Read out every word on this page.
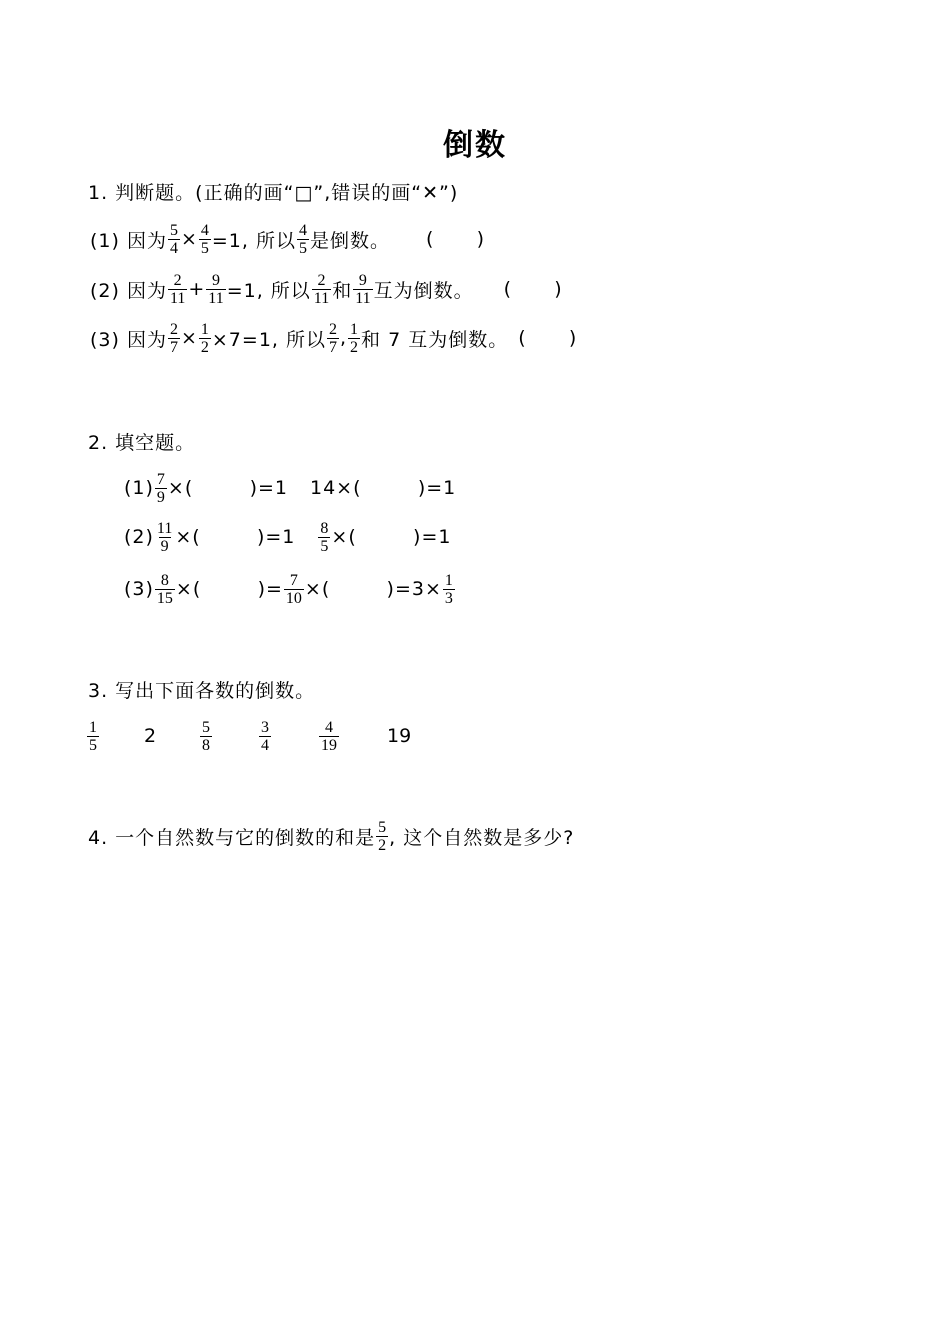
倒数
1. 判断题。(正确的画“□”,错误的画“✕”)
(1) 因为 $\frac{5}{4} \times \frac{4}{5} =1$, 所以 $\frac{4}{5}$ 是倒数。 (      )
(2) 因为 $\frac{2}{11} + \frac{9}{11} =1$, 所以 $\frac{2}{11}$ 和 $\frac{9}{11}$ 互为倒数。 (      )
(3) 因为 $\frac{2}{7} \times \frac{1}{2} \times 7=1$, 所以 $\frac{2}{7}$ , $\frac{1}{2}$ 和 7 互为倒数。 (      )
2. 填空题。
$(1) \frac{7}{9}$ ×(        )=1 14×(        )=1
$(2) \frac{11}{9}$ ×(        )$=1 \frac{8}{5}$ ×(        )=1
$(3) \frac{8}{15}$ ×(        )= $\frac{7}{10}$ ×(        )$=3\times \frac{1}{3}$
3. 写出下面各数的倒数。
$\frac{1}{5} 2$	$\frac{5}{8}$	$\frac{3}{4}$	$\frac{4}{19}$	19
4. 一个自然数与它的倒数的和是 $\frac{5}{2}$ , 这个自然数是多少?
